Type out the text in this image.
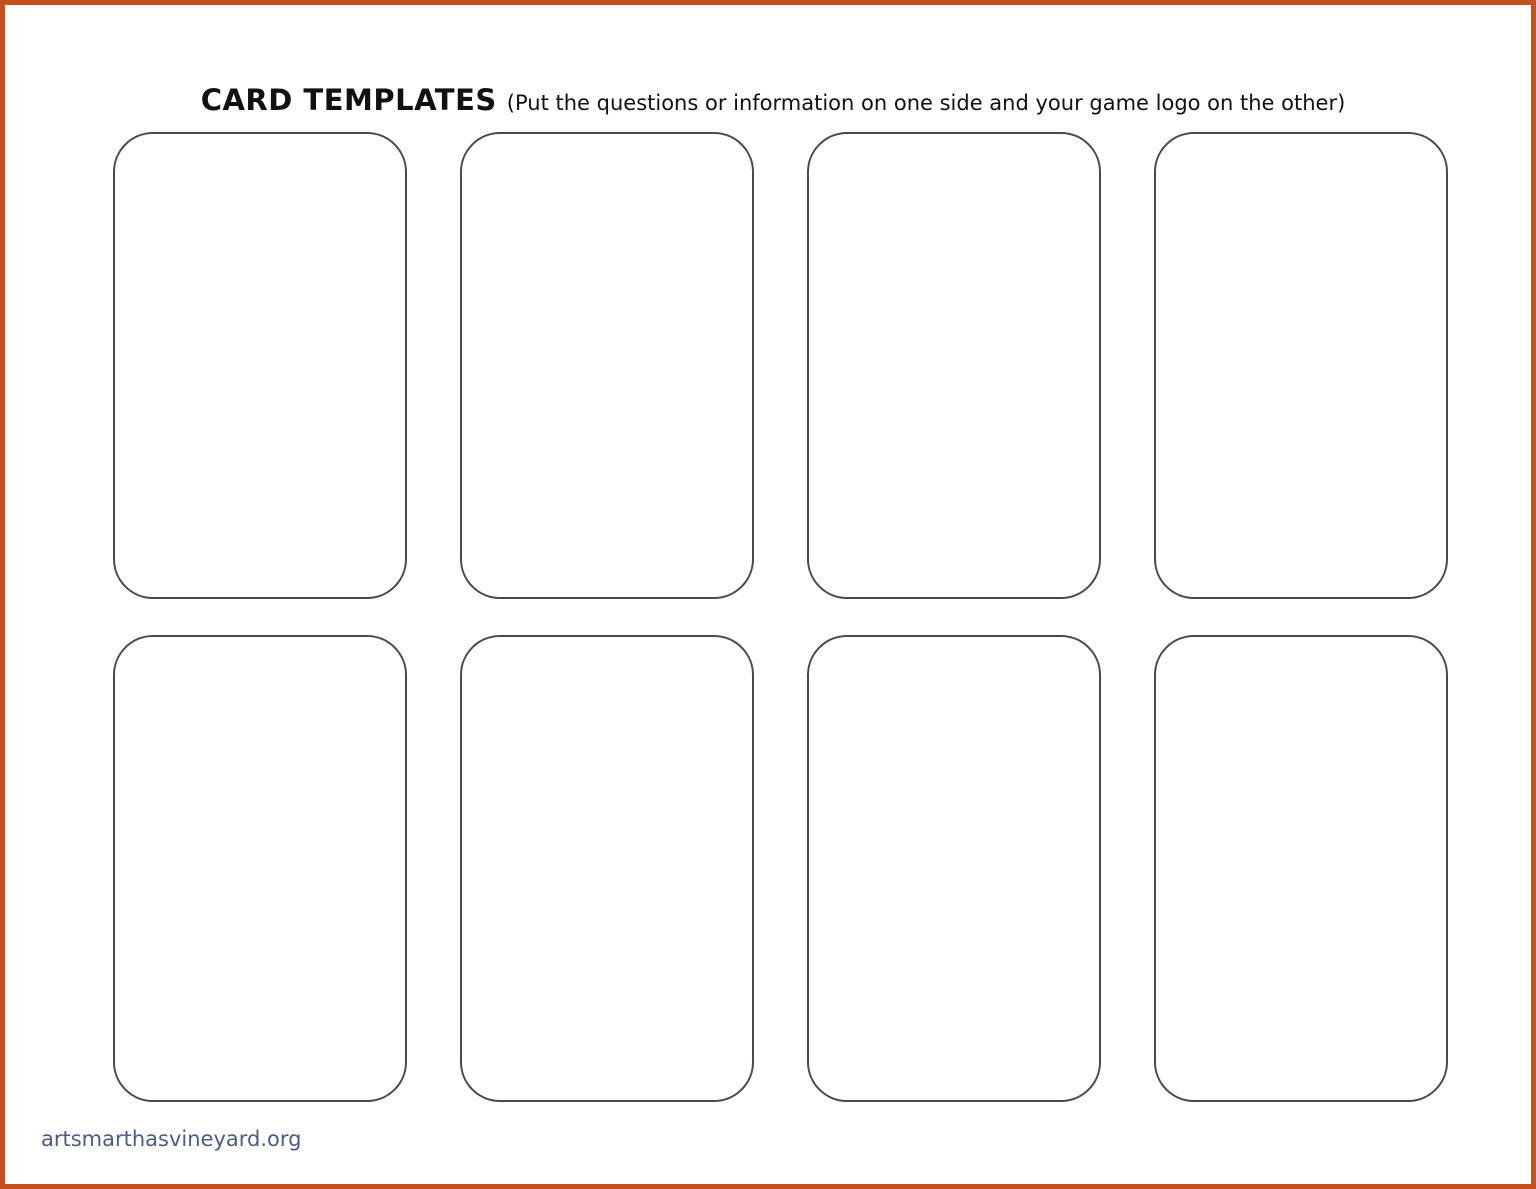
CARD TEMPLATES (Put the questions or information on one side and your game logo on the other)
artsmarthasvineyard.org
